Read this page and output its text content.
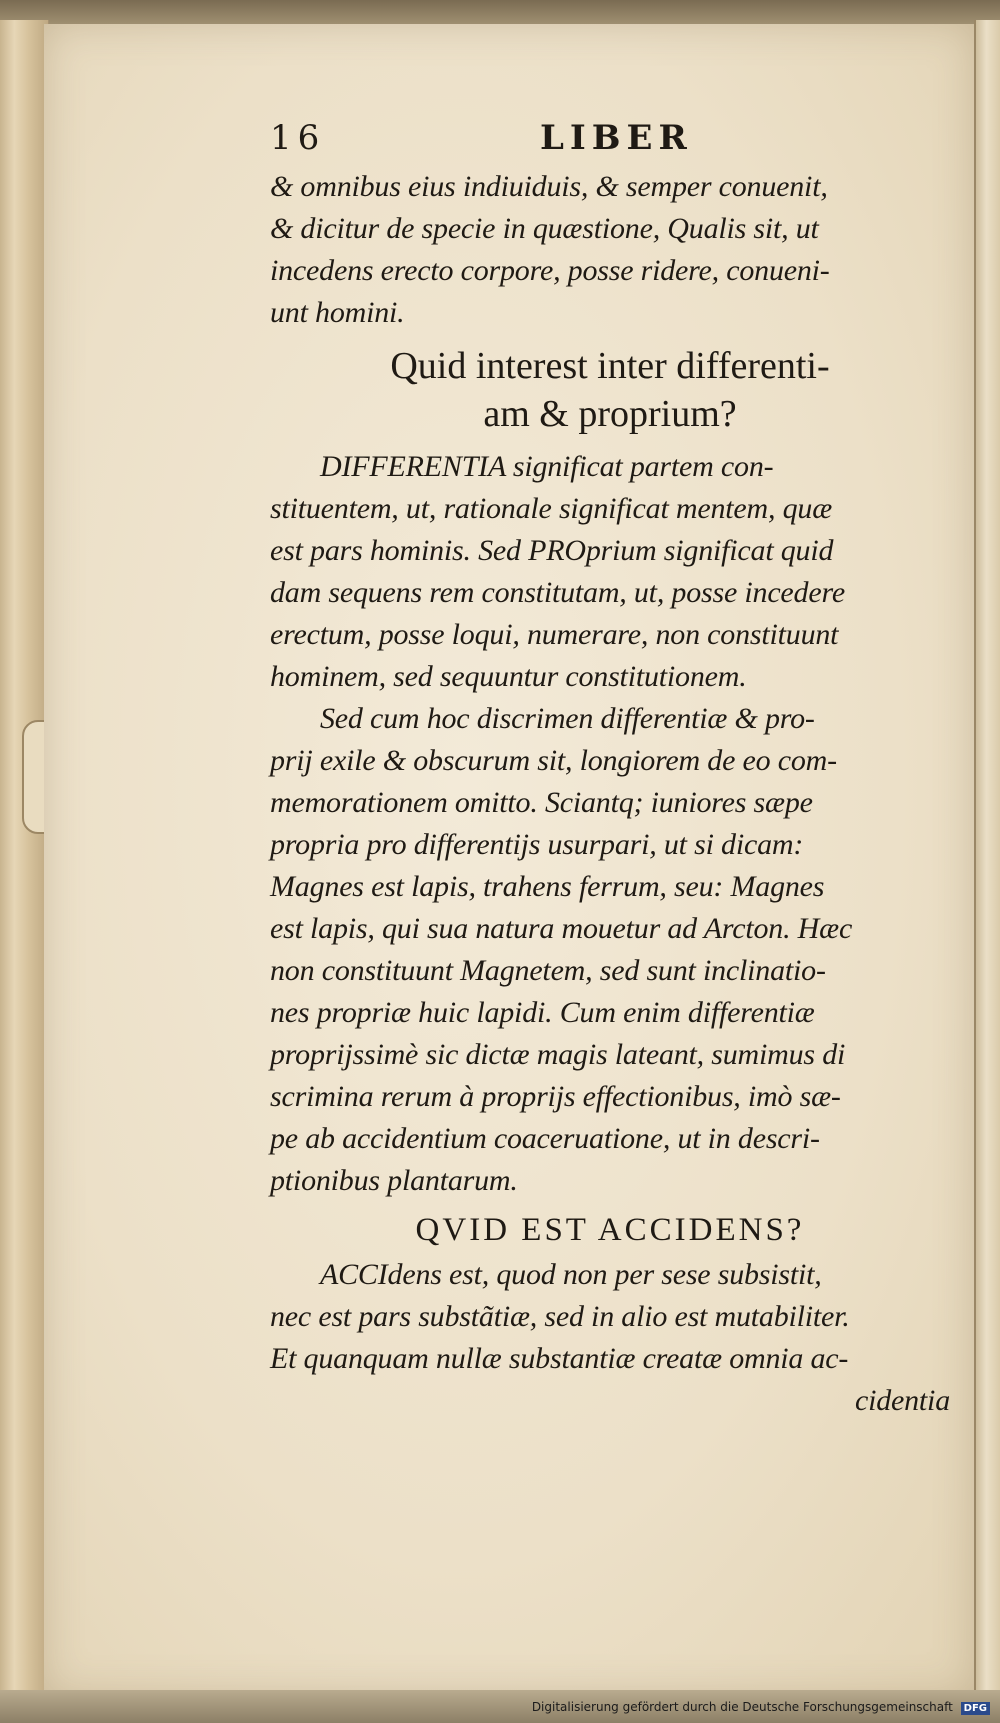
16	LIBER
& omnibus eius indiuiduis, & semper conuenit,
& dicitur de specie in quæstione, Qualis sit, ut
incedens erecto corpore, posse ridere, conueni-
unt homini.
Quid interest inter differenti-
am & proprium?
DIFFERENTIA significat partem con-
stituentem, ut, rationale significat mentem, quæ
est pars hominis. Sed PROprium significat quid
dam sequens rem constitutam, ut, posse incedere
erectum, posse loqui, numerare, non constituunt
hominem, sed sequuntur constitutionem.
Sed cum hoc discrimen differentiæ & pro-
prij exile & obscurum sit, longiorem de eo com-
memorationem omitto. Sciantq; iuniores sæpe
propria pro differentijs usurpari, ut si dicam:
Magnes est lapis, trahens ferrum, seu: Magnes
est lapis, qui sua natura mouetur ad Arcton. Hæc
non constituunt Magnetem, sed sunt inclinatio-
nes propriæ huic lapidi. Cum enim differentiæ
proprijssimè sic dictæ magis lateant, sumimus di
scrimina rerum à proprijs effectionibus, imò sæ-
pe ab accidentium coaceruatione, ut in descri-
ptionibus plantarum.
QVID EST ACCIDENS?
ACCIdens est, quod non per sese subsistit,
nec est pars substãtiæ, sed in alio est mutabiliter.
Et quanquam nullæ substantiæ creatæ omnia ac-
cidentia
Digitalisierung gefördert durch die Deutsche Forschungsgemeinschaft DFG
